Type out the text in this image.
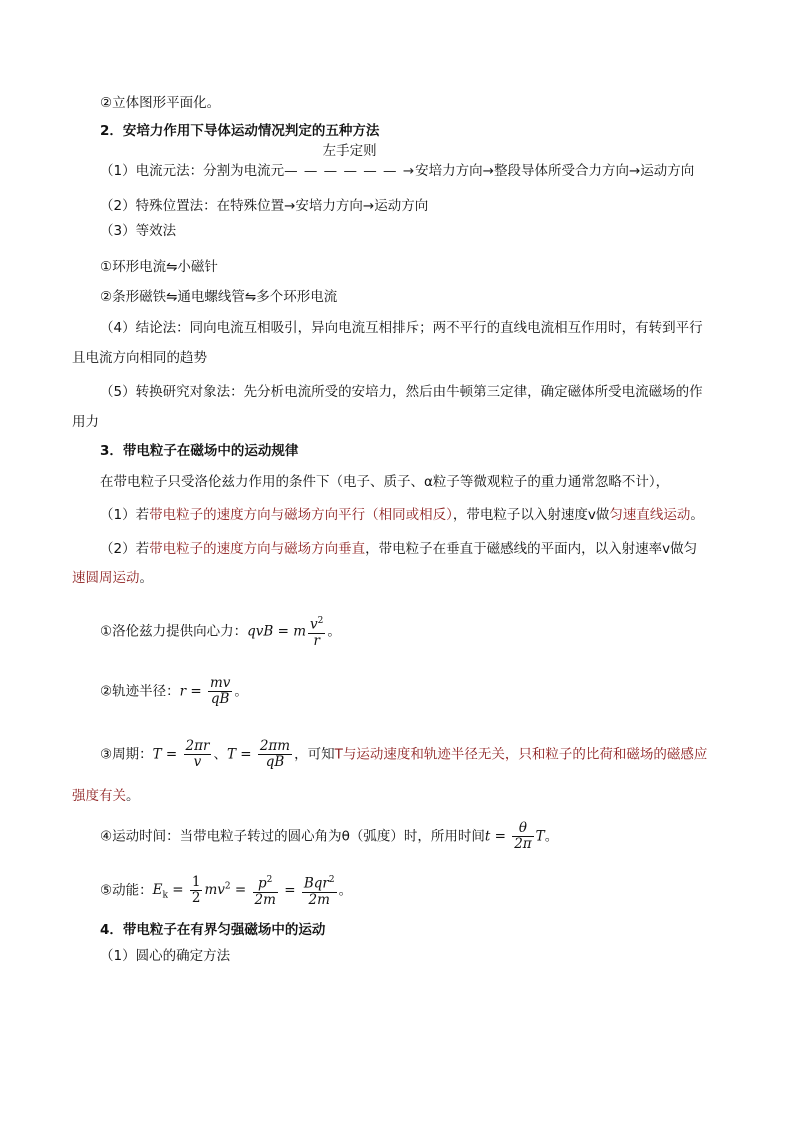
②立体图形平面化。
2．安培力作用下导体运动情况判定的五种方法
（1）电流元法：分割为电流元
左手定则
— — — — — — →安培力方向→整段导体所受合力方向→运动方向
（2）特殊位置法：在特殊位置→安培力方向→运动方向
（3）等效法
①环形电流⇋小磁针
②条形磁铁⇋通电螺线管⇋多个环形电流
（4）结论法：同向电流互相吸引，异向电流互相排斥；两不平行的直线电流相互作用时，有转到平行
且电流方向相同的趋势
（5）转换研究对象法：先分析电流所受的安培力，然后由牛顿第三定律，确定磁体所受电流磁场的作
用力
3．带电粒子在磁场中的运动规律
在带电粒子只受洛伦兹力作用的条件下（电子、质子、α粒子等微观粒子的重力通常忽略不计），
（1）若带电粒子的速度方向与磁场方向平行（相同或相反），带电粒子以入射速度v做匀速直线运动。
（2）若带电粒子的速度方向与磁场方向垂直，带电粒子在垂直于磁感线的平面内，以入射速率v做匀
速圆周运动。
①洛伦兹力提供向心力：qvB = m $\frac{v^2}{r}$ 。
②轨迹半径：$r = \frac{mv}{qB}$ 。
③周期：$T = \frac{2\pi r}{v}$ 、$T = \frac{2\pi m}{qB}$ ，可知T与运动速度和轨迹半径无关，只和粒子的比荷和磁场的磁感应
强度有关。
④运动时间：当带电粒子转过的圆心角为θ（弧度）时，所用时间$t = \frac{\theta}{2\pi}$ T。
⑤动能：$E_k = \frac{1}{2} mv^2 = \frac{p^2}{2m} = \frac{Bqr^2}{2m}$ 。
4．带电粒子在有界匀强磁场中的运动
（1）圆心的确定方法
